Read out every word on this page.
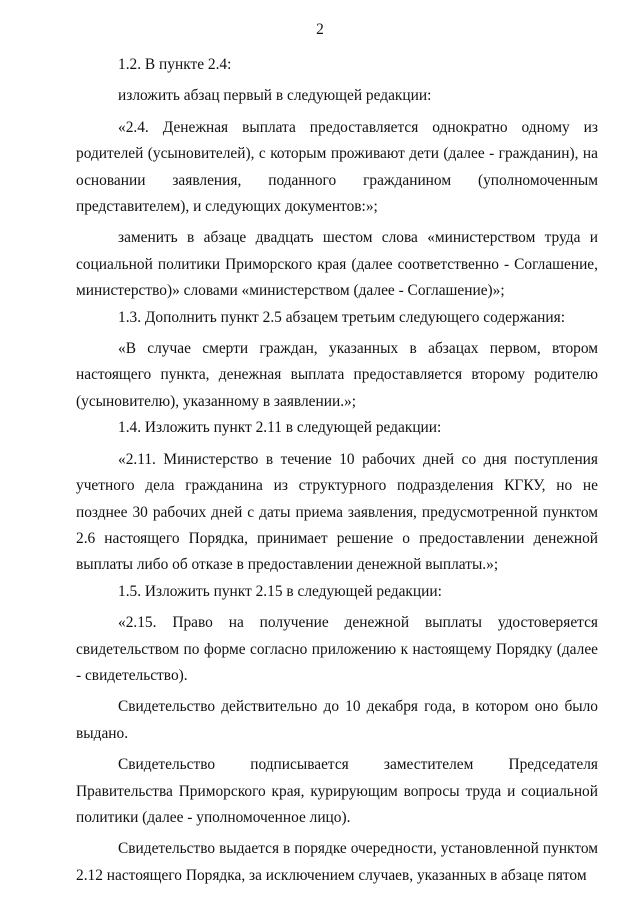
2

1.2. В пункте 2.4:

изложить абзац первый в следующей редакции:

«2.4. Денежная выплата предоставляется однократно одному из родителей (усыновителей), с которым проживают дети (далее - гражданин), на основании заявления, поданного гражданином (уполномоченным представителем), и следующих документов:»;

заменить в абзаце двадцать шестом слова «министерством труда и социальной политики Приморского края (далее соответственно - Соглашение, министерство)» словами «министерством (далее - Соглашение)»;

1.3. Дополнить пункт 2.5 абзацем третьим следующего содержания:

«В случае смерти граждан, указанных в абзацах первом, втором настоящего пункта, денежная выплата предоставляется второму родителю (усыновителю), указанному в заявлении.»;

1.4. Изложить пункт 2.11 в следующей редакции:

«2.11. Министерство в течение 10 рабочих дней со дня поступления учетного дела гражданина из структурного подразделения КГКУ, но не позднее 30 рабочих дней с даты приема заявления, предусмотренной пунктом 2.6 настоящего Порядка, принимает решение о предоставлении денежной выплаты либо об отказе в предоставлении денежной выплаты.»;

1.5. Изложить пункт 2.15 в следующей редакции:

«2.15. Право на получение денежной выплаты удостоверяется свидетельством по форме согласно приложению к настоящему Порядку (далее - свидетельство).

Свидетельство действительно до 10 декабря года, в котором оно было выдано.

Свидетельство подписывается заместителем Председателя Правительства Приморского края, курирующим вопросы труда и социальной политики (далее - уполномоченное лицо).

Свидетельство выдается в порядке очередности, установленной пунктом 2.12 настоящего Порядка, за исключением случаев, указанных в абзаце пятом
